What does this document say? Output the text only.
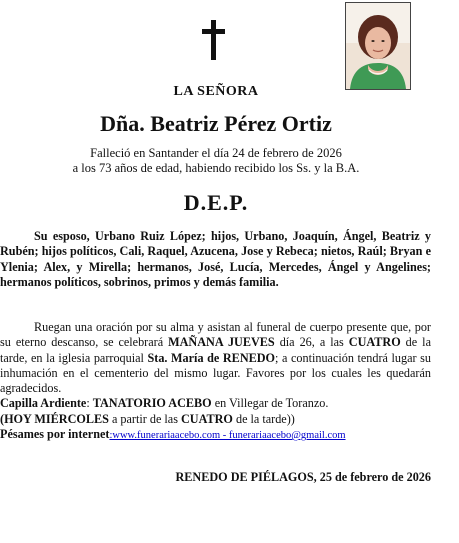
LA SEÑORA
Dña. Beatriz Pérez Ortiz
Falleció en Santander el día 24 de febrero de 2026
a los 73 años de edad, habiendo recibido los Ss. y la B.A.
D.E.P.
Su esposo, Urbano Ruiz López; hijos, Urbano, Joaquín, Ángel, Beatriz y Rubén; hijos políticos, Cali, Raquel, Azucena, Jose y Rebeca; nietos, Raúl; Bryan e Ylenia; Alex, y Mirella; hermanos, José, Lucía, Mercedes, Ángel y Angelines; hermanos políticos, sobrinos, primos y demás familia.
Ruegan una oración por su alma y asistan al funeral de cuerpo presente que, por su eterno descanso, se celebrará MAÑANA JUEVES día 26, a las CUATRO de la tarde, en la iglesia parroquial Sta. María de RENEDO; a continuación tendrá lugar su inhumación en el cementerio del mismo lugar. Favores por los cuales les quedarán agradecidos.
Capilla Ardiente: TANATORIO ACEBO en Villegar de Toranzo.
(HOY MIÉRCOLES a partir de las CUATRO de la tarde))
Pésames por internet:www.funerariaacebo.com - funerariaacebo@gmail.com
RENEDO DE PIÉLAGOS, 25 de febrero de 2026
